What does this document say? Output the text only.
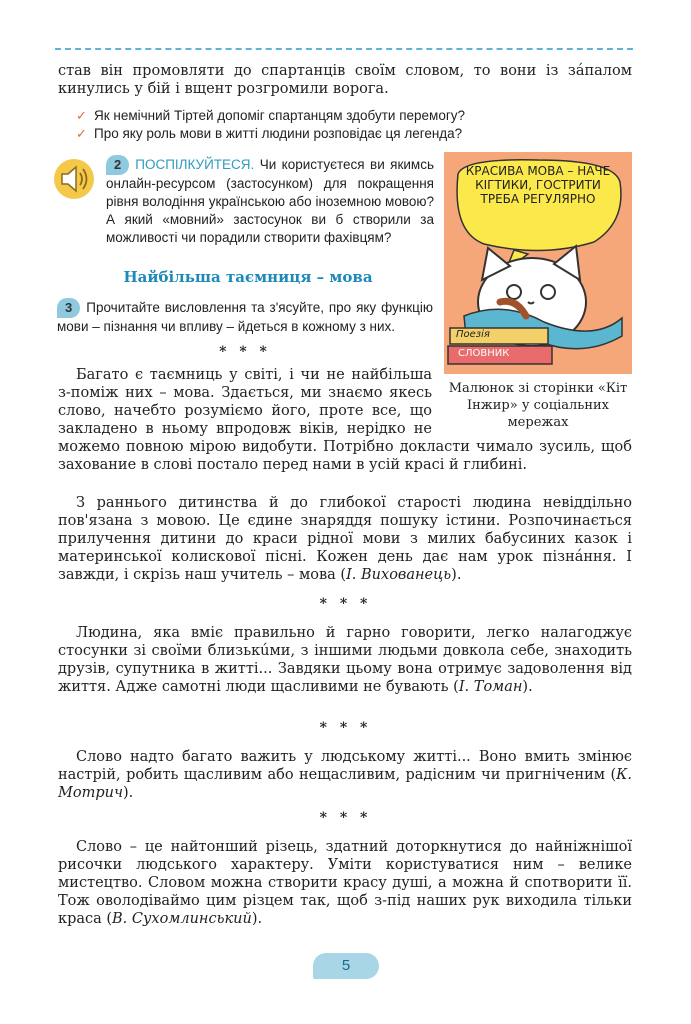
став він промовляти до спартанців своїм словом, то вони із зáпалом кинулись у бій і вщент розгромили ворога.

✓ Як немічний Тіртей допоміг спартанцям здобути перемогу?
✓ Про яку роль мови в житті людини розповідає ця легенда?
2 ПОСПІЛКУЙТЕСЯ. Чи користуєтеся ви якимсь онлайн-ресурсом (застосунком) для покращення рівня володіння українською або іноземною мовою? А який «мовний» застосунок ви б створили за можливості чи порадили створити фахівцям?
Найбільша таємниця – мова
3 Прочитайте висловлення та з'ясуйте, про яку функцію мови – пізнання чи впливу – йдеться в кожному з них.
* * *
КРАСИВА МОВА – НАЧЕ КІГТИКИ, ГОСТРИТИ ТРЕБА РЕГУЛЯРНО
Поезія
СЛОВНИК
Малюнок зі сторінки «Кіт Інжир» у соціальних мережах

Багато є таємниць у світі, і чи не найбільша з-поміж них – мова. Здається, ми знаємо якесь слово, начебто розуміємо його, проте все, що закладено в ньому впродовж віків, нерідко не можемо повною мірою видобути. Потрібно докласти чимало зусиль, щоб захование в слові постало перед нами в усій красі й глибині.

З раннього дитинства й до глибокої старості людина невіддільно пов'язана з мовою. Це єдине знаряддя пошуку істини. Розпочинається прилучення дитини до краси рідної мови з милих бабусиних казок і материнської колискової пісні. Кожен день дає нам урок пізнáння. І завжди, і скрізь наш учитель – мова (І. Вихованець).

* * *

Людина, яка вміє правильно й гарно говорити, легко налагоджує стосунки зі своїми близькúми, з іншими людьми довкола себе, знаходить друзів, супутника в житті... Завдяки цьому вона отримує задоволення від життя. Адже самотні люди щасливими не бувають (І. Томан).

* * *

Слово надто багато важить у людському житті... Воно вмить змінює настрій, робить щасливим або нещасливим, радісним чи пригніченим (К. Мотрич).

* * *

Слово – це найтонший різець, здатний доторкнутися до найніжнішої рисочки людського характеру. Уміти користуватися ним – велике мистецтво. Словом можна створити красу душі, а можна й спотворити її. Тож оволодіваймо цим різцем так, щоб з-під наших рук виходила тільки краса (В. Сухомлинський).

5
